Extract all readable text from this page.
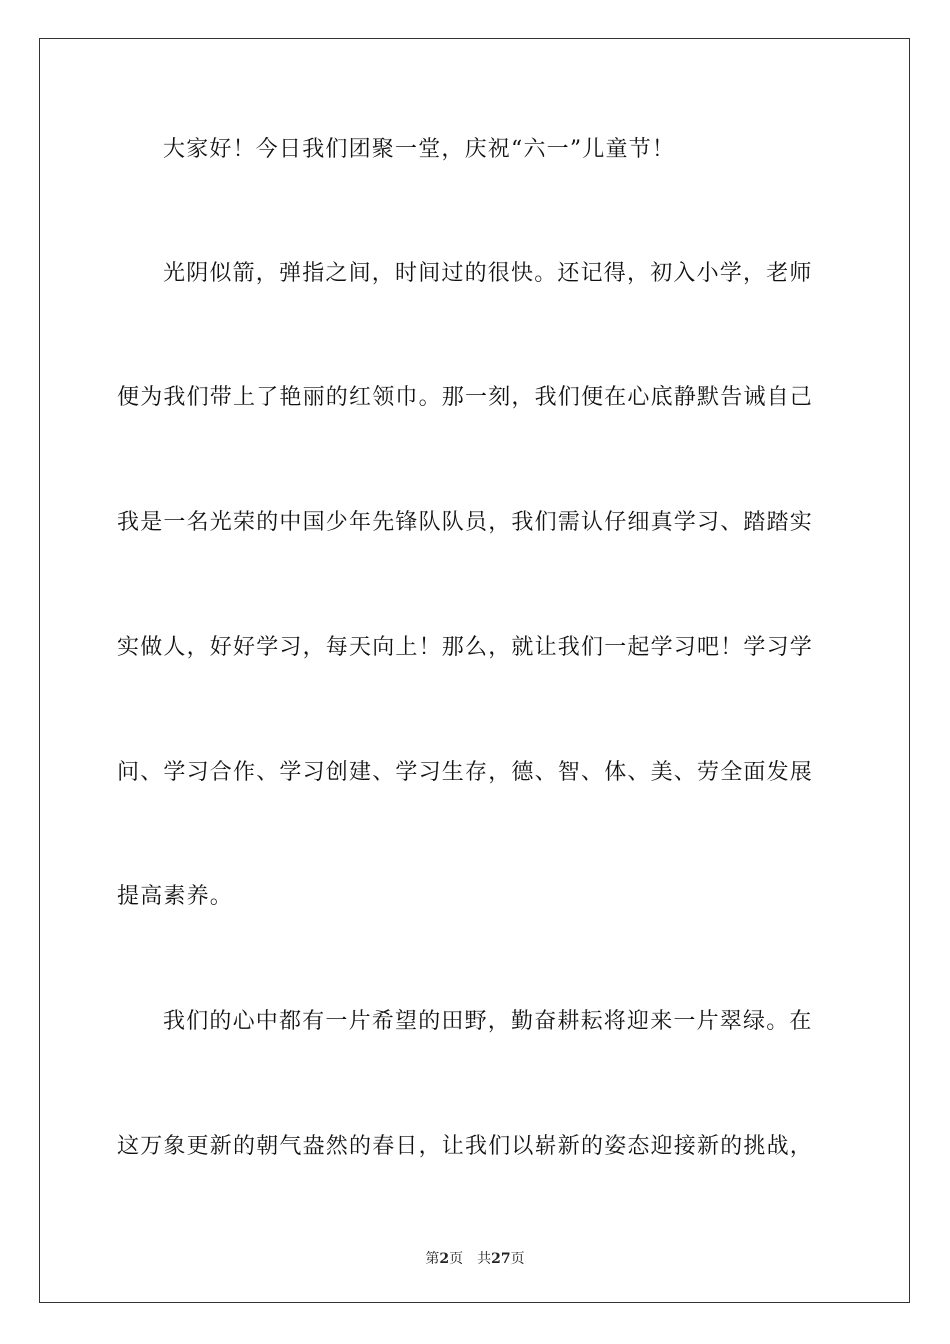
大家好！今日我们团聚一堂，庆祝“六一”儿童节！
光阴似箭，弹指之间，时间过的很快。还记得，初入小学，老师
便为我们带上了艳丽的红领巾。那一刻，我们便在心底静默告诫自己
我是一名光荣的中国少年先锋队队员，我们需认仔细真学习、踏踏实
实做人，好好学习，每天向上！那么，就让我们一起学习吧！学习学
问、学习合作、学习创建、学习生存，德、智、体、美、劳全面发展
提高素养。
我们的心中都有一片希望的田野，勤奋耕耘将迎来一片翠绿。在
这万象更新的朝气盎然的春日，让我们以崭新的姿态迎接新的挑战，
第2页 共27页
